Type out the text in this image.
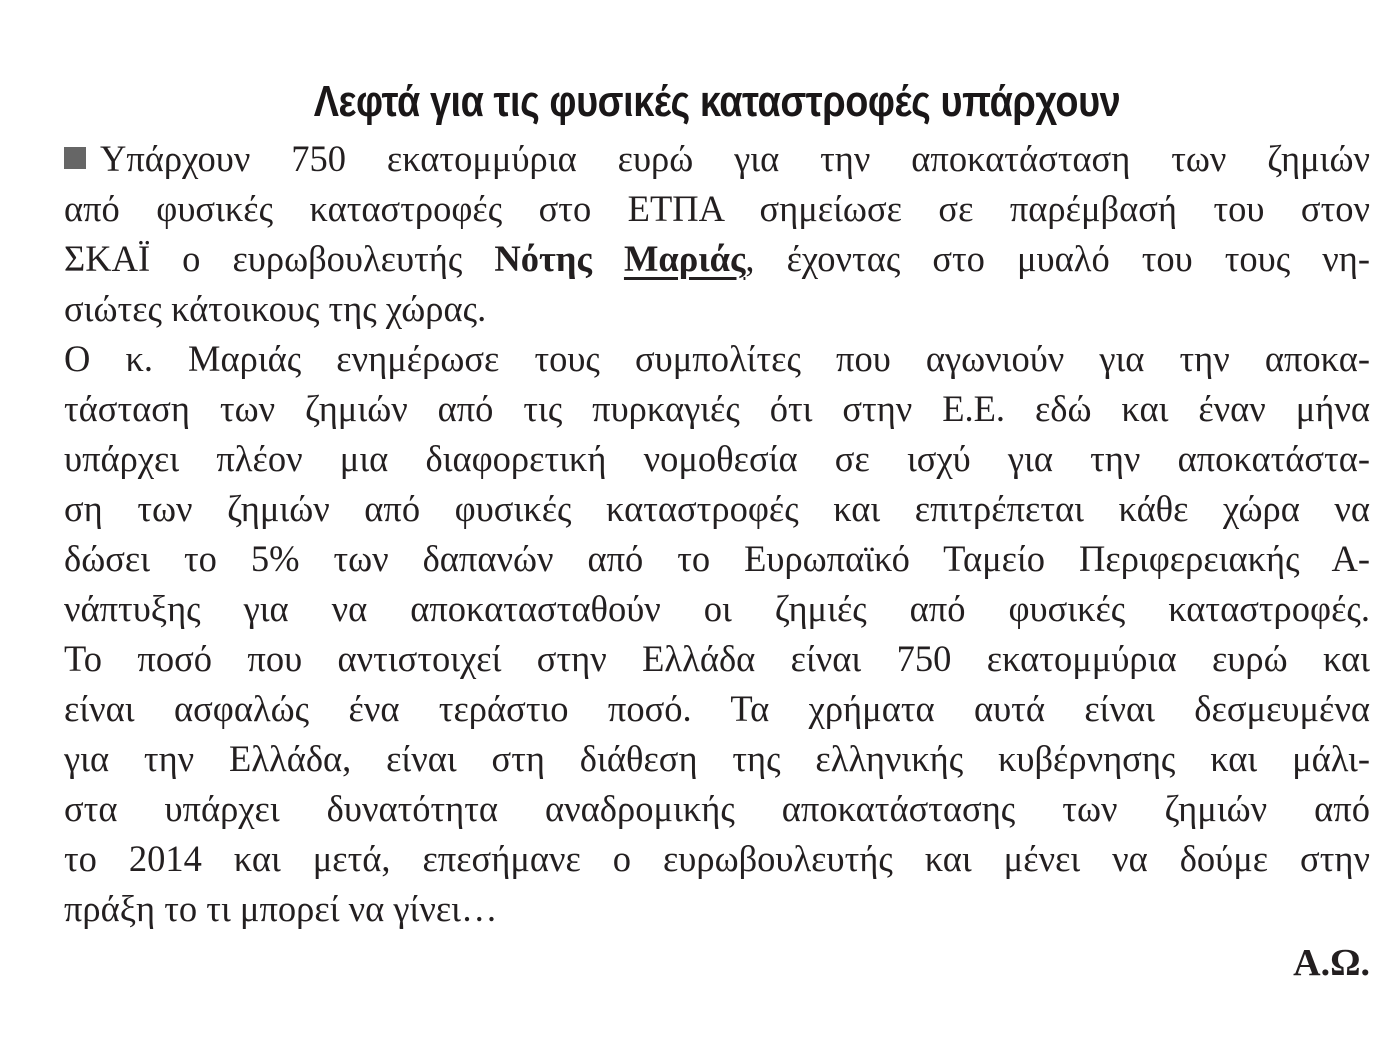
Λεφτά για τις φυσικές καταστροφές υπάρχουν
Υπάρχουν 750 εκατομμύρια ευρώ για την αποκατάσταση των ζημιών
από φυσικές καταστροφές στο ΕΤΠΑ σημείωσε σε παρέμβασή του στον
ΣΚΑΪ ο ευρωβουλευτής Νότης Μαριάς, έχοντας στο μυαλό του τους νη-
σιώτες κάτοικους της χώρας.
Ο κ. Μαριάς ενημέρωσε τους συμπολίτες που αγωνιούν για την αποκα-
τάσταση των ζημιών από τις πυρκαγιές ότι στην Ε.Ε. εδώ και έναν μήνα
υπάρχει πλέον μια διαφορετική νομοθεσία σε ισχύ για την αποκατάστα-
ση των ζημιών από φυσικές καταστροφές και επιτρέπεται κάθε χώρα να
δώσει το 5% των δαπανών από το Ευρωπαϊκό Ταμείο Περιφερειακής Α-
νάπτυξης για να αποκατασταθούν οι ζημιές από φυσικές καταστροφές.
Το ποσό που αντιστοιχεί στην Ελλάδα είναι 750 εκατομμύρια ευρώ και
είναι ασφαλώς ένα τεράστιο ποσό. Τα χρήματα αυτά είναι δεσμευμένα
για την Ελλάδα, είναι στη διάθεση της ελληνικής κυβέρνησης και μάλι-
στα υπάρχει δυνατότητα αναδρομικής αποκατάστασης των ζημιών από
το 2014 και μετά, επεσήμανε ο ευρωβουλευτής και μένει να δούμε στην
πράξη το τι μπορεί να γίνει…
Α.Ω.
